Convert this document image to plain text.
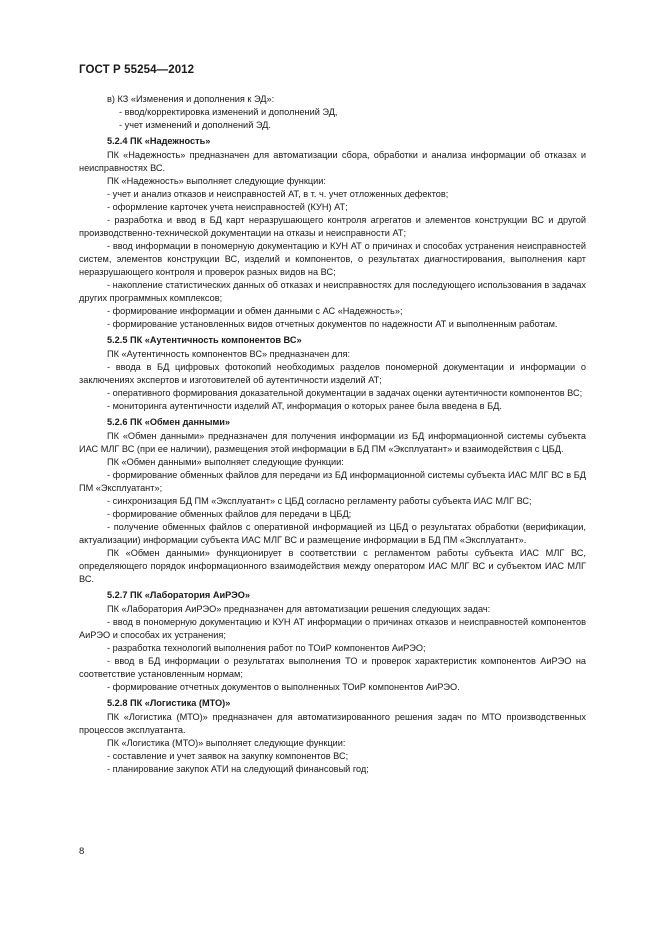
ГОСТ Р 55254—2012

в) КЗ «Изменения и дополнения к ЭД»:

- ввод/корректировка изменений и дополнений ЭД,

- учет изменений и дополнений ЭД.

5.2.4 ПК «Надежность»

ПК «Надежность» предназначен для автоматизации сбора, обработки и анализа информации об отказах и неисправностях ВС.

ПК «Надежность» выполняет следующие функции:

- учет и анализ отказов и неисправностей АТ, в т. ч. учет отложенных дефектов;

- оформление карточек учета неисправностей (КУН) АТ;

- разработка и ввод в БД карт неразрушающего контроля агрегатов и элементов конструкции ВС и другой производственно-технической документации на отказы и неисправности АТ;

- ввод информации в пономерную документацию и КУН АТ о причинах и способах устранения неисправностей систем, элементов конструкции ВС, изделий и компонентов, о результатах диагностирования, выполнения карт неразрушающего контроля и проверок разных видов на ВС;

- накопление статистических данных об отказах и неисправностях для последующего использования в задачах других программных комплексов;

- формирование информации и обмен данными с АС «Надежность»;

- формирование установленных видов отчетных документов по надежности АТ и выполненным работам.

5.2.5 ПК «Аутентичность компонентов ВС»

ПК «Аутентичность компонентов ВС» предназначен для:

- ввода в БД цифровых фотокопий необходимых разделов пономерной документации и информации о заключениях экспертов и изготовителей об аутентичности изделий АТ;

- оперативного формирования доказательной документации в задачах оценки аутентичности компонентов ВС;

- мониторинга аутентичности изделий АТ, информация о которых ранее была введена в БД.

5.2.6 ПК «Обмен данными»

ПК «Обмен данными» предназначен для получения информации из БД информационной системы субъекта ИАС МЛГ ВС (при ее наличии), размещения этой информации в БД ПМ «Эксплуатант» и взаимодействия с ЦБД.

ПК «Обмен данными» выполняет следующие функции:

- формирование обменных файлов для передачи из БД информационной системы субъекта ИАС МЛГ ВС в БД ПМ «Эксплуатант»;

- синхронизация БД ПМ «Эксплуатант» с ЦБД согласно регламенту работы субъекта ИАС МЛГ ВС;

- формирование обменных файлов для передачи в ЦБД;

- получение обменных файлов с оперативной информацией из ЦБД о результатах обработки (верификации, актуализации) информации субъекта ИАС МЛГ ВС и размещение информации в БД ПМ «Эксплуатант».

ПК «Обмен данными» функционирует в соответствии с регламентом работы субъекта ИАС МЛГ ВС, определяющего порядок информационного взаимодействия между оператором ИАС МЛГ ВС и субъектом ИАС МЛГ ВС.

5.2.7 ПК «Лаборатория АиРЭО»

ПК «Лаборатория АиРЭО» предназначен для автоматизации решения следующих задач:

- ввод в пономерную документацию и КУН АТ информации о причинах отказов и неисправностей компонентов АиРЭО и способах их устранения;

- разработка технологий выполнения работ по ТОиР компонентов АиРЭО;

- ввод в БД информации о результатах выполнения ТО и проверок характеристик компонентов АиРЭО на соответствие установленным нормам;

- формирование отчетных документов о выполненных ТОиР компонентов АиРЭО.

5.2.8 ПК «Логистика (МТО)»

ПК «Логистика (МТО)» предназначен для автоматизированного решения задач по МТО производственных процессов эксплуатанта.

ПК «Логистика (МТО)» выполняет следующие функции:

- составление и учет заявок на закупку компонентов ВС;

- планирование закупок АТИ на следующий финансовый год;

8
